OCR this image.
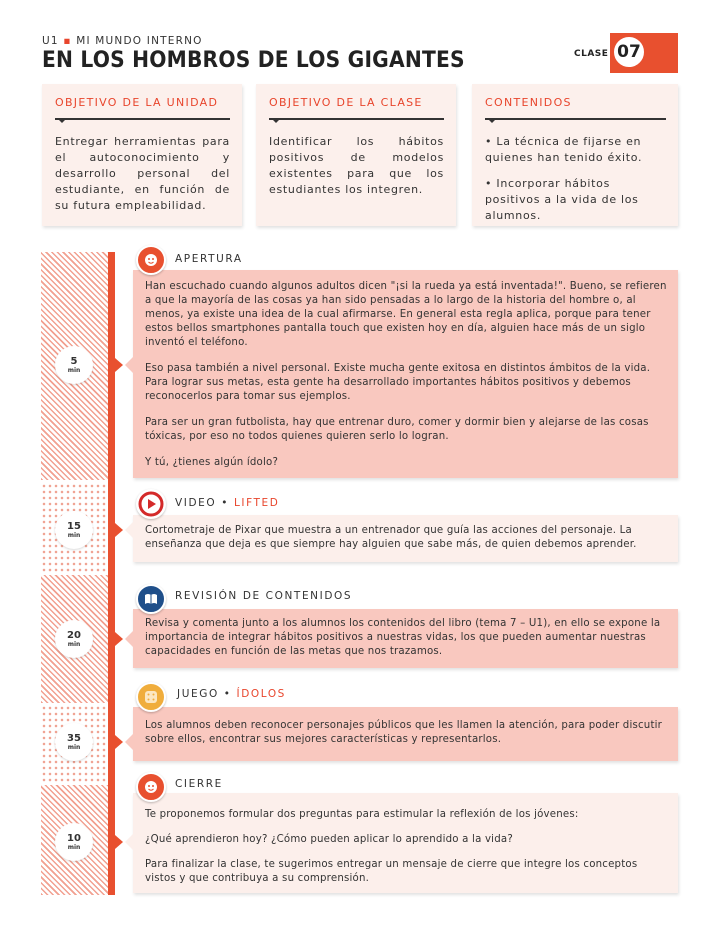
U1 ▪ MI MUNDO INTERNO
EN LOS HOMBROS DE LOS GIGANTES	CLASE 07
OBJETIVO DE LA UNIDAD

Entregar herramientas para el autoconocimiento y desarrollo personal del estudiante, en función de su futura empleabilidad.

OBJETIVO DE LA CLASE

Identificar los hábitos positivos de modelos existentes para que los estudiantes los integren.

CONTENIDOS

• La técnica de fijarse en quienes han tenido éxito.

• Incorporar hábitos positivos a la vida de los alumnos.

5
min

Han escuchado cuando algunos adultos dicen "¡si la rueda ya está inventada!". Bueno, se refieren a que la mayoría de las cosas ya han sido pensadas a lo largo de la historia del hombre o, al menos, ya existe una idea de la cual afirmarse. En general esta regla aplica, porque para tener estos bellos smartphones pantalla touch que existen hoy en día, alguien hace más de un siglo inventó el teléfono.

Eso pasa también a nivel personal. Existe mucha gente exitosa en distintos ámbitos de la vida. Para lograr sus metas, esta gente ha desarrollado importantes hábitos positivos y debemos reconocerlos para tomar sus ejemplos.

Para ser un gran futbolista, hay que entrenar duro, comer y dormir bien y alejarse de las cosas tóxicas, por eso no todos quienes quieren serlo lo logran.

Y tú, ¿tienes algún ídolo?

APERTURA
15
min	Cortometraje de Pixar que muestra a un entrenador que guía las acciones del personaje. La enseñanza que deja es que siempre hay alguien que sabe más, de quien debemos aprender.

VIDEO • LIFTED
20
min

Revisa y comenta junto a los alumnos los contenidos del libro (tema 7 – U1), en ello se expone la importancia de integrar hábitos positivos a nuestras vidas, los que pueden aumentar nuestras capacidades en función de las metas que nos trazamos.

REVISIÓN DE CONTENIDOS
35
min

Los alumnos deben reconocer personajes públicos que les llamen la atención, para poder discutir sobre ellos, encontrar sus mejores características y representarlos.

JUEGO • ÍDOLOS
10
min

Te proponemos formular dos preguntas para estimular la reflexión de los jóvenes:

¿Qué aprendieron hoy? ¿Cómo pueden aplicar lo aprendido a la vida?

Para finalizar la clase, te sugerimos entregar un mensaje de cierre que integre los conceptos vistos y que contribuya a su comprensión.

CIERRE
